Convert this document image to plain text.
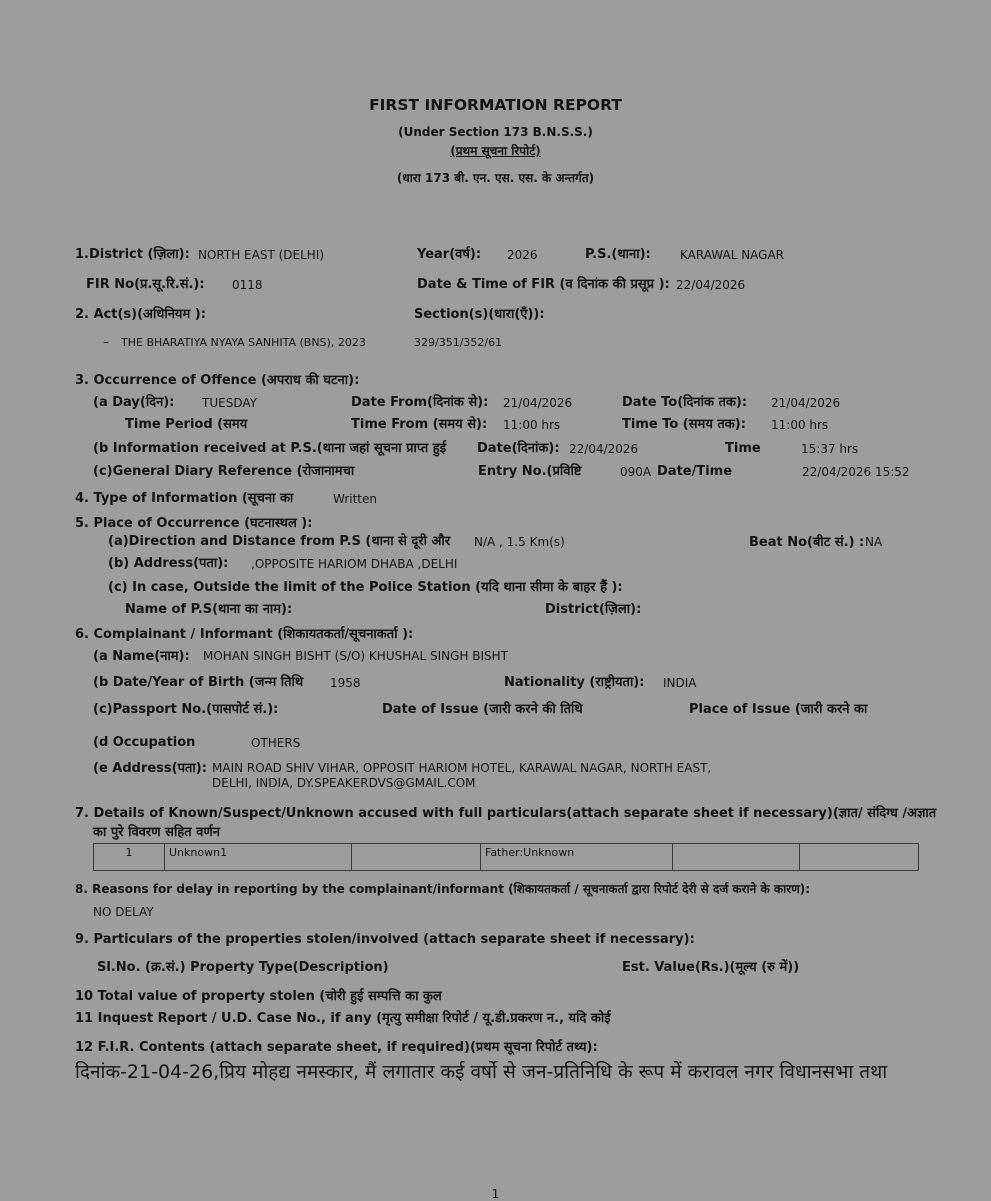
FIRST INFORMATION REPORT
(Under Section 173 B.N.S.S.)
(प्रथम सूचना रिपोर्ट)
(धारा 173 बी. एन. एस. एस. के अन्तर्गत)
1.District (ज़िला): NORTH EAST (DELHI)	Year(वर्ष): 2026	P.S.(थाना): KARAWAL NAGAR
FIR No(प्र.सू.रि.सं.): 0118	Date & Time of FIR (व दिनांक की प्रसूप्र ): 22/04/2026
2. Act(s)(अधिनियम ):	Section(s)(धारा(एँ)):
– THE BHARATIYA NYAYA SANHITA (BNS), 2023	329/351/352/61
3. Occurrence of Offence (अपराध की घटना):
(a Day(दिन): TUESDAY	Date From(दिनांक से): 21/04/2026	Date To(दिनांक तक): 21/04/2026
Time Period (समय	Time From (समय से): 11:00 hrs	Time To (समय तक): 11:00 hrs
(b Information received at P.S.(थाना जहां सूचना प्राप्त हुई Date(दिनांक): 22/04/2026	Time	15:37 hrs
(c)General Diary Reference (रोजानामचा	Entry No.(प्रविष्टि	090A Date/Time	22/04/2026 15:52
4. Type of Information (सूचना का	Written
5. Place of Occurrence (घटनास्थल ):
(a)Direction and Distance from P.S (थाना से दूरी और N/A , 1.5 Km(s)	Beat No(बीट सं.) : NA
(b) Address(पता): ,OPPOSITE HARIOM DHABA ,DELHI
(c) In case, Outside the limit of the Police Station (यदि थाना सीमा के बाहर हैं ):
Name of P.S(थाना का नाम):	District(ज़िला):
6. Complainant / Informant (शिकायतकर्ता/सूचनाकर्ता ):
(a Name(नाम): MOHAN SINGH BISHT (S/O) KHUSHAL SINGH BISHT
(b Date/Year of Birth (जन्म तिथि 1958	Nationality (राष्ट्रीयता): INDIA
(c)Passport No.(पासपोर्ट सं.):	Date of Issue (जारी करने की तिथि	Place of Issue (जारी करने का
(d Occupation	OTHERS
(e Address(पता): MAIN ROAD SHIV VIHAR, OPPOSIT HARIOM HOTEL, KARAWAL NAGAR, NORTH EAST,
DELHI, INDIA, DY.SPEAKERDVS@GMAIL.COM
7. Details of Known/Suspect/Unknown accused with full particulars(attach separate sheet if necessary)(ज्ञात/ संदिग्ध /अज्ञात
का पुरे विवरण सहित वर्णन
1	Unknown1		Father:Unknown		
8. Reasons for delay in reporting by the complainant/informant (शिकायतकर्ता / सूचनाकर्ता द्वारा रिपोर्ट देरी से दर्ज कराने के कारण):
NO DELAY
9. Particulars of the properties stolen/involved (attach separate sheet if necessary):
Sl.No. (क्र.सं.) Property Type(Description)	Est. Value(Rs.)(मूल्य (रु में))
10 Total value of property stolen (चोरी हुई सम्पत्ति का कुल
11 Inquest Report / U.D. Case No., if any (मृत्यु समीक्षा रिपोर्ट / यू.डी.प्रकरण न., यदि कोई
12 F.I.R. Contents (attach separate sheet, if required)(प्रथम सूचना रिपोर्ट तथ्य):
दिनांक-21-04-26,प्रिय मोहद्य नमस्कार, मैं लगातार कई वर्षो से जन-प्रतिनिधि के रूप में करावल नगर विधानसभा तथा
1
